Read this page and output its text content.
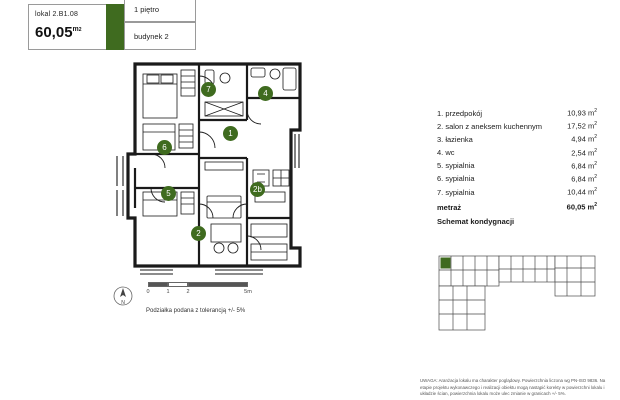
lokal 2.B1.08
$60,05^{m2}$
1 piętro
budynek 2
1
2
2b
4
5
6
7
N
0	1	2	5m
Podziałka podana z tolerancją +/- 5%
1. przedpokój	10,93 $m^2$
2. salon z aneksem kuchennym	17,52 $m^2$
3. łazienka	4,94 $m^2$
4. wc	2,54 $m^2$
5. sypialnia	6,84 $m^2$
6. sypialnia	6,84 $m^2$
7. sypialnia	10,44 $m^2$
metraż	60,05 $m^2$
Schemat kondygnacji
UWAGA: Aranżacja lokalu ma charakter poglądowy. Powierzchnia liczona wg PN-ISO 9836. Na etapie projektu wykonawczego i realizacji obiektu mogą nastąpić korekty w powierzchni lokalu i układzie ścian, powierzchnia lokalu może ulec zmianie w granicach +/- 5%.
